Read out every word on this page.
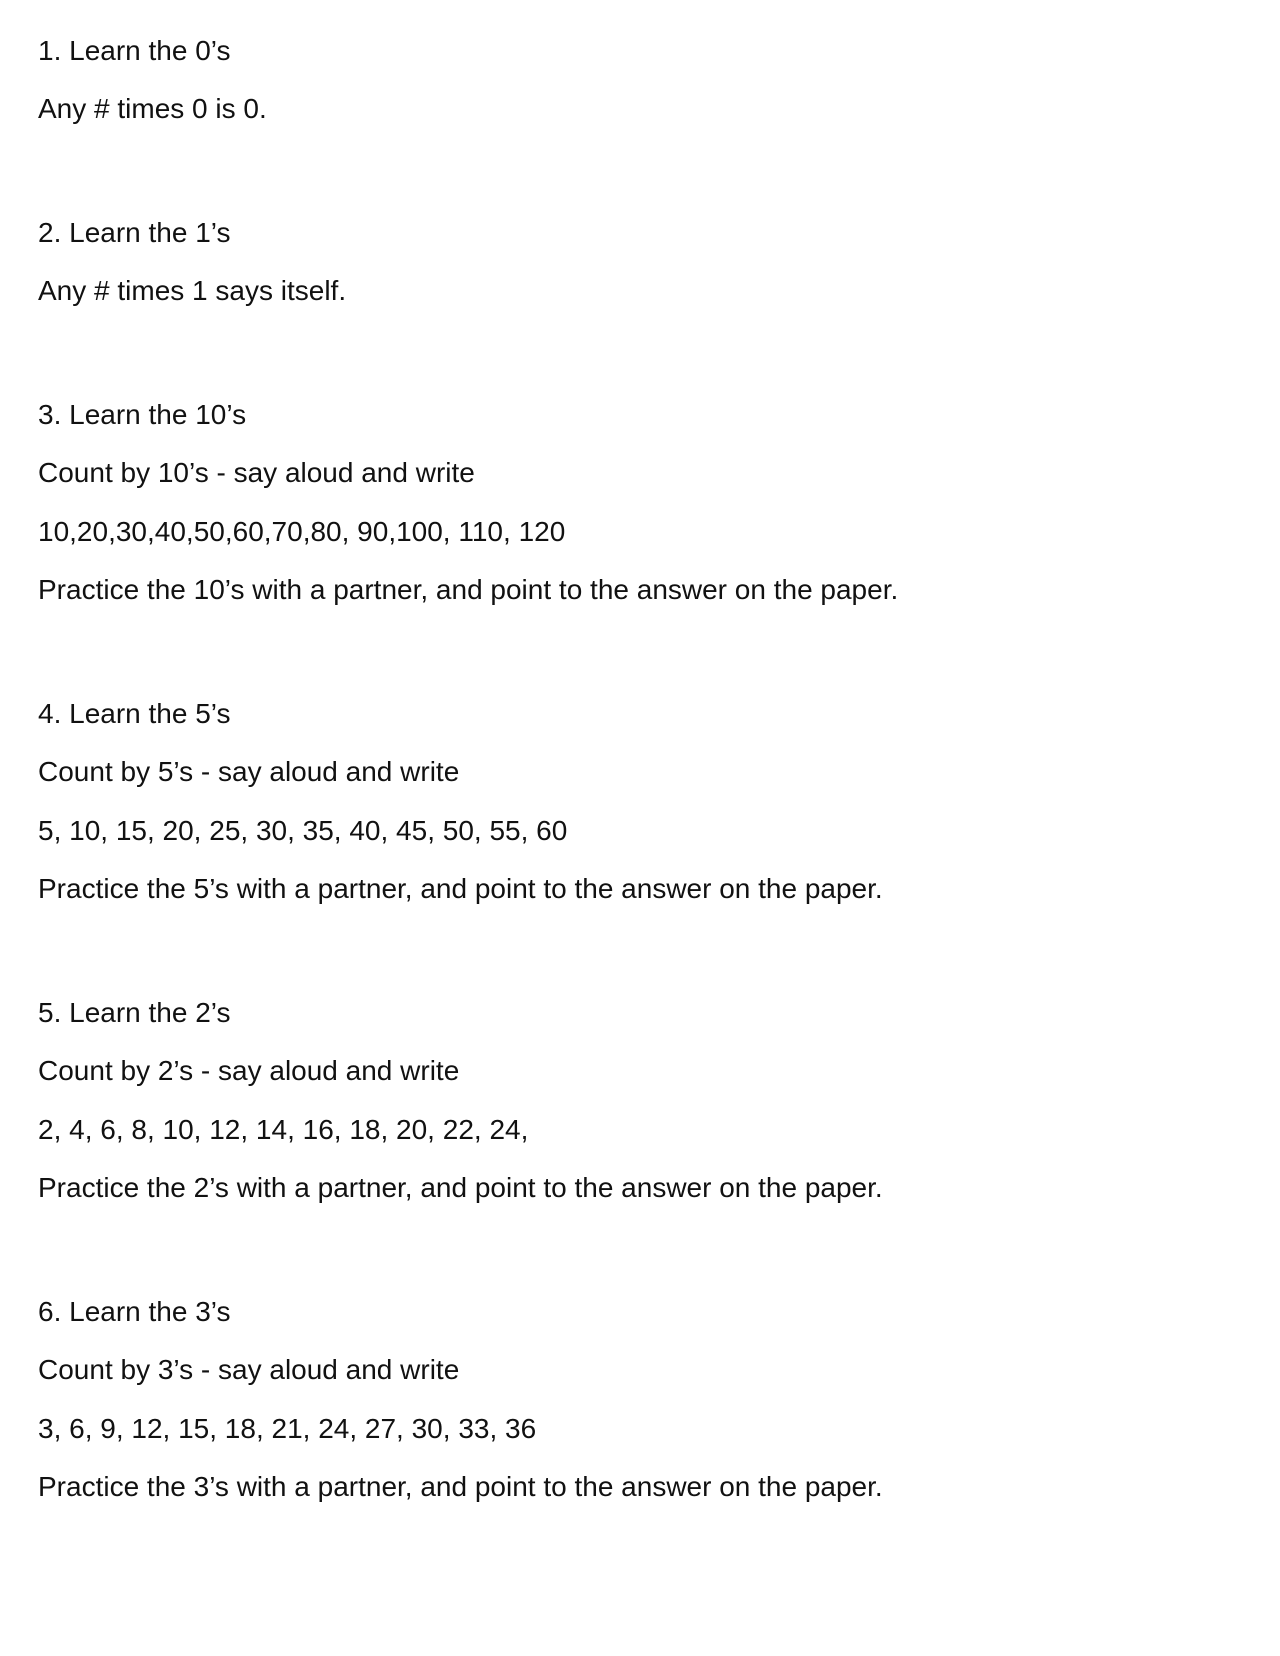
1. Learn the 0’s
Any # times 0 is 0.
2. Learn the 1’s
Any # times 1 says itself.
3. Learn the 10’s
Count by 10’s - say aloud and write
10,20,30,40,50,60,70,80, 90,100, 110, 120
Practice the 10’s with a partner, and point to the answer on the paper.
4. Learn the 5’s
Count by 5’s - say aloud and write
5, 10, 15, 20, 25, 30, 35, 40, 45, 50, 55, 60
Practice the 5’s with a partner, and point to the answer on the paper.
5. Learn the 2’s
Count by 2’s - say aloud and write
2, 4, 6, 8, 10, 12, 14, 16, 18, 20, 22, 24,
Practice the 2’s with a partner, and point to the answer on the paper.
6. Learn the 3’s
Count by 3’s - say aloud and write
3, 6, 9, 12, 15, 18, 21, 24, 27, 30, 33, 36
Practice the 3’s with a partner, and point to the answer on the paper.
